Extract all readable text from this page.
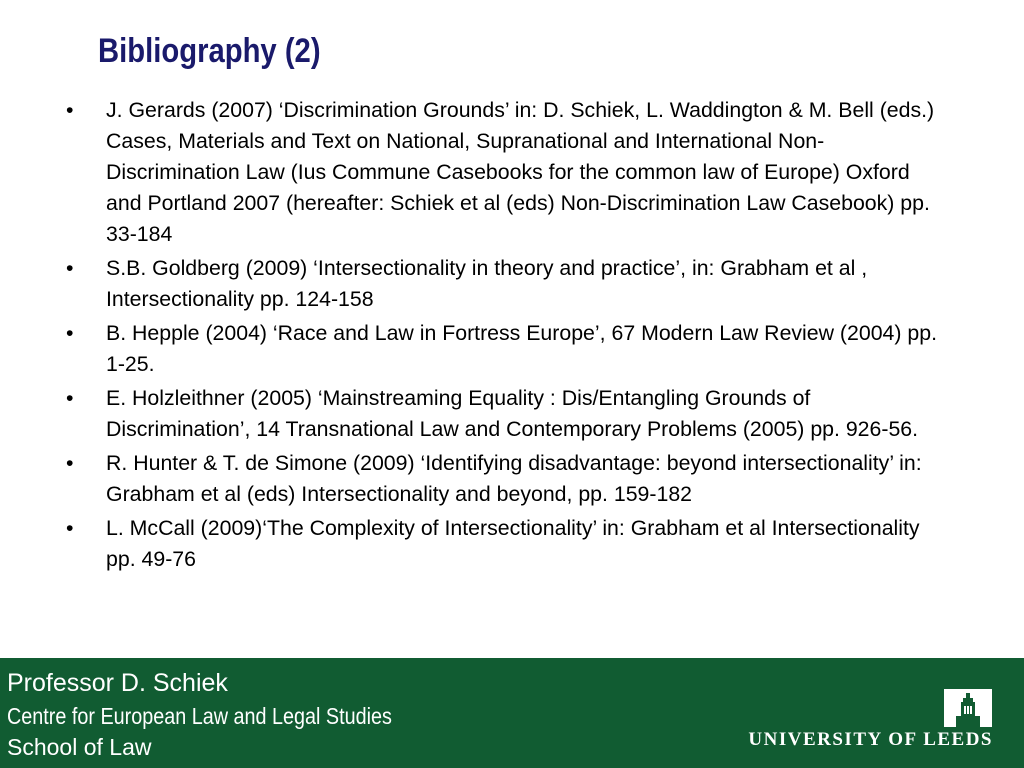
Bibliography (2)
•	J. Gerards (2007) ‘Discrimination Grounds’ in: D. Schiek, L. Waddington & M. Bell (eds.) Cases, Materials and Text on National, Supranational and International Non-Discrimination Law (Ius Commune Casebooks for the common law of Europe) Oxford and Portland 2007 (hereafter: Schiek et al (eds) Non-Discrimination Law Casebook) pp. 33-184
•	S.B. Goldberg (2009) ‘Intersectionality in theory and practice’, in: Grabham et al , Intersectionality pp. 124-158
•	B. Hepple (2004) ‘Race and Law in Fortress Europe’, 67 Modern Law Review (2004) pp. 1-25.
•	E. Holzleithner (2005) ‘Mainstreaming Equality : Dis/Entangling Grounds of Discrimination’, 14 Transnational Law and Contemporary Problems (2005) pp. 926-56.
•	R. Hunter & T. de Simone (2009) ‘Identifying disadvantage: beyond intersectionality’ in: Grabham et al (eds) Intersectionality and beyond, pp. 159-182
•	L. McCall (2009)‘The Complexity of Intersectionality’ in: Grabham et al Intersectionality pp. 49-76
Professor D. Schiek
Centre for European Law and Legal Studies
School of Law	UNIVERSITY OF LEEDS
